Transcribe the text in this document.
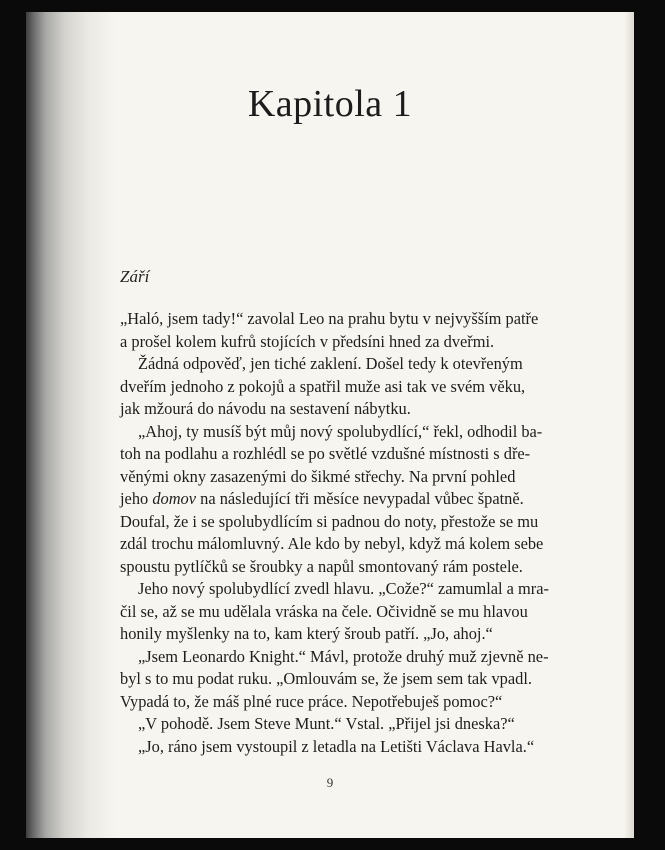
Kapitola 1
Září

„Haló, jsem tady!“ zavolal Leo na prahu bytu v nejvyšším patře
a prošel kolem kufrů stojících v předsíni hned za dveřmi.

Žádná odpověď, jen tiché zaklení. Došel tedy k otevřeným
dveřím jednoho z pokojů a spatřil muže asi tak ve svém věku,
jak mžourá do návodu na sestavení nábytku.

„Ahoj, ty musíš být můj nový spolubydlící,“ řekl, odhodil ba-
toh na podlahu a rozhlédl se po světlé vzdušné místnosti s dře-
věnými okny zasazenými do šikmé střechy. Na první pohled
jeho domov na následující tři měsíce nevypadal vůbec špatně.
Doufal, že i se spolubydlícím si padnou do noty, přestože se mu
zdál trochu málomluvný. Ale kdo by nebyl, když má kolem sebe
spoustu pytlíčků se šroubky a napůl smontovaný rám postele.

Jeho nový spolubydlící zvedl hlavu. „Cože?“ zamumlal a mra-
čil se, až se mu udělala vráska na čele. Očividně se mu hlavou
honily myšlenky na to, kam který šroub patří. „Jo, ahoj.“

„Jsem Leonardo Knight.“ Mávl, protože druhý muž zjevně ne-
byl s to mu podat ruku. „Omlouvám se, že jsem sem tak vpadl.
Vypadá to, že máš plné ruce práce. Nepotřebuješ pomoc?“

„V pohodě. Jsem Steve Munt.“ Vstal. „Přijel jsi dneska?“

„Jo, ráno jsem vystoupil z letadla na Letišti Václava Havla.“

9
